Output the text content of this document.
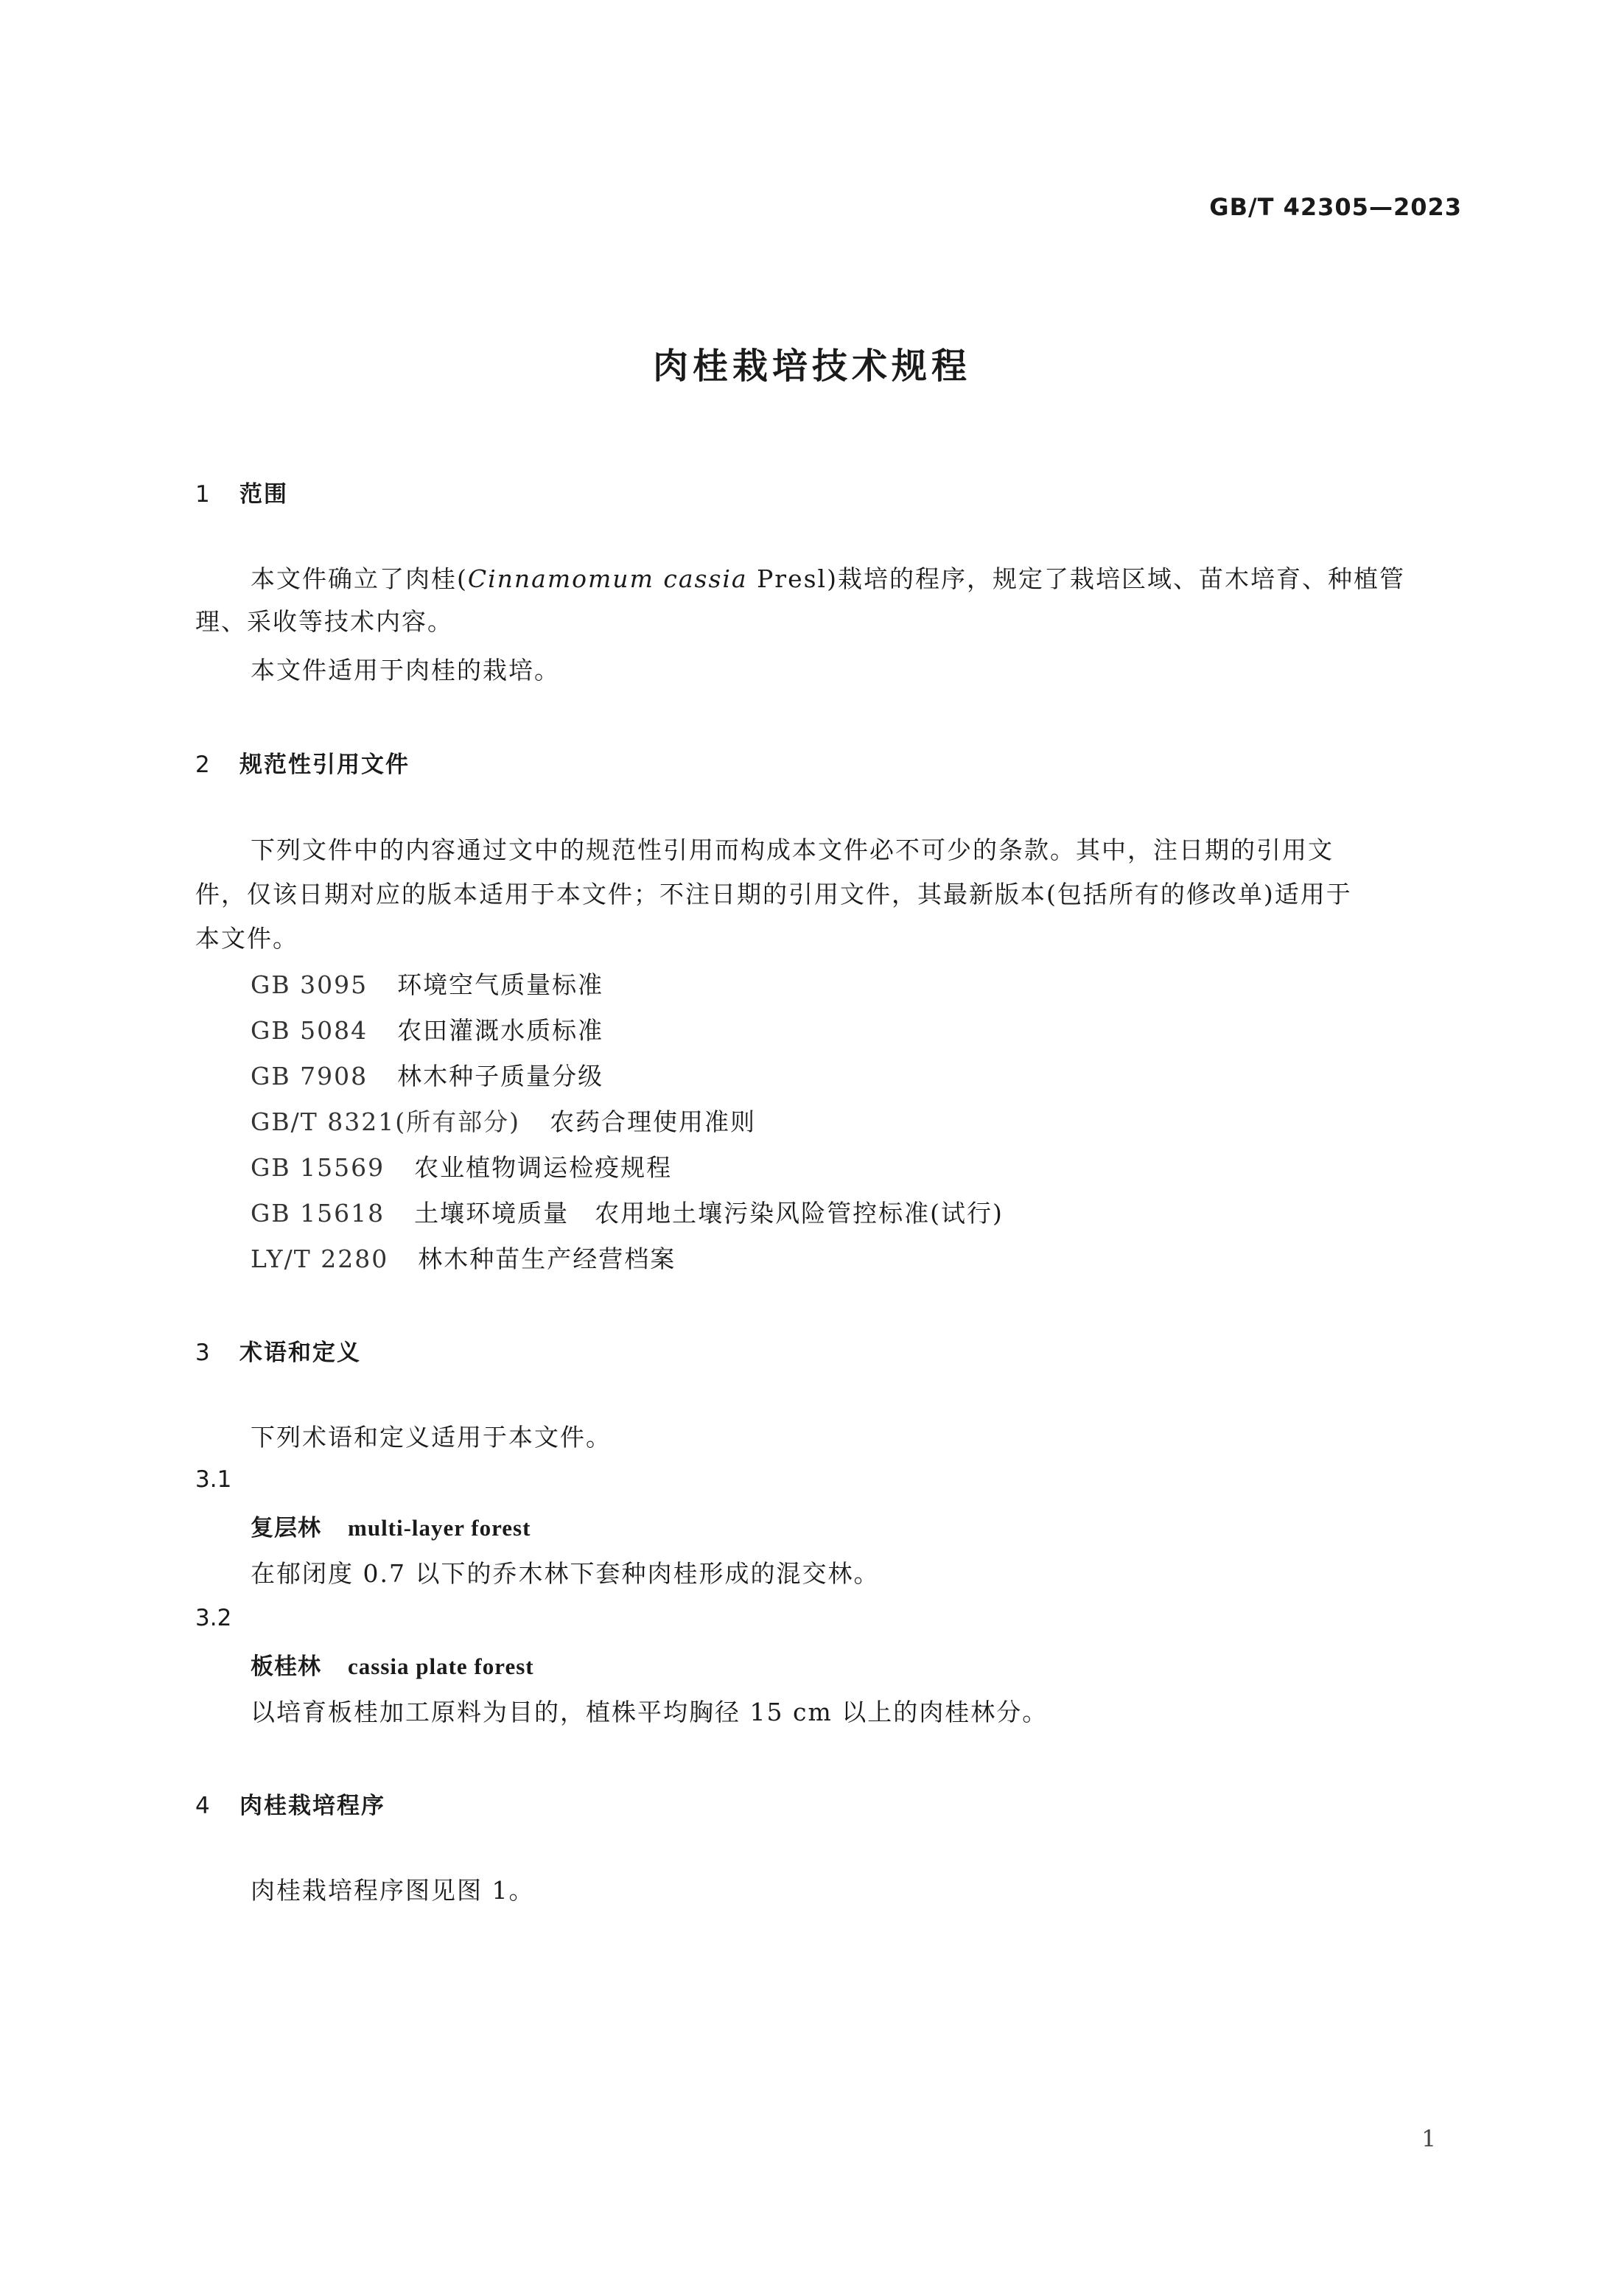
GB/T 42305—2023
肉桂栽培技术规程
1 范围
本文件确立了肉桂(Cinnamomum cassia Presl)栽培的程序，规定了栽培区域、苗木培育、种植管
理、采收等技术内容。
本文件适用于肉桂的栽培。
2 规范性引用文件
下列文件中的内容通过文中的规范性引用而构成本文件必不可少的条款。其中，注日期的引用文
件，仅该日期对应的版本适用于本文件；不注日期的引用文件，其最新版本(包括所有的修改单)适用于
本文件。
GB 3095 环境空气质量标准
GB 5084 农田灌溉水质标准
GB 7908 林木种子质量分级
GB/T 8321(所有部分) 农药合理使用准则
GB 15569 农业植物调运检疫规程
GB 15618 土壤环境质量　农用地土壤污染风险管控标准(试行)
LY/T 2280 林木种苗生产经营档案
3 术语和定义
下列术语和定义适用于本文件。
3.1
复层林 multi-layer forest
在郁闭度 0.7 以下的乔木林下套种肉桂形成的混交林。
3.2
板桂林 cassia plate forest
以培育板桂加工原料为目的，植株平均胸径 15 cm 以上的肉桂林分。
4 肉桂栽培程序
肉桂栽培程序图见图 1。
1
